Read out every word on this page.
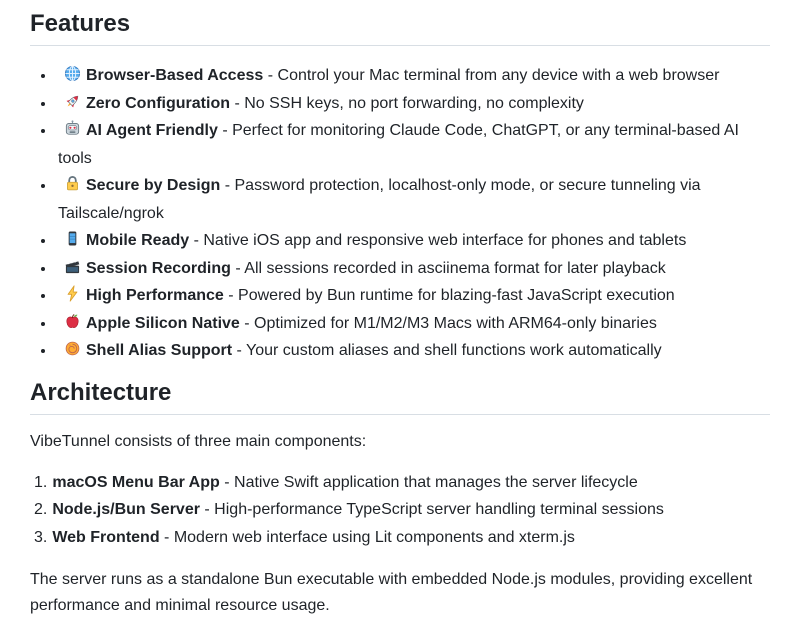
Features
• Browser-Based Access - Control your Mac terminal from any device with a web browser
• Zero Configuration - No SSH keys, no port forwarding, no complexity
• AI Agent Friendly - Perfect for monitoring Claude Code, ChatGPT, or any terminal-based AI tools
• Secure by Design - Password protection, localhost-only mode, or secure tunneling via Tailscale/ngrok
• Mobile Ready - Native iOS app and responsive web interface for phones and tablets
• Session Recording - All sessions recorded in asciinema format for later playback
• High Performance - Powered by Bun runtime for blazing-fast JavaScript execution
• Apple Silicon Native - Optimized for M1/M2/M3 Macs with ARM64-only binaries
• Shell Alias Support - Your custom aliases and shell functions work automatically
Architecture

VibeTunnel consists of three main components:

1. macOS Menu Bar App - Native Swift application that manages the server lifecycle
2. Node.js/Bun Server - High-performance TypeScript server handling terminal sessions
3. Web Frontend - Modern web interface using Lit components and xterm.js

The server runs as a standalone Bun executable with embedded Node.js modules, providing excellent performance and minimal resource usage.
